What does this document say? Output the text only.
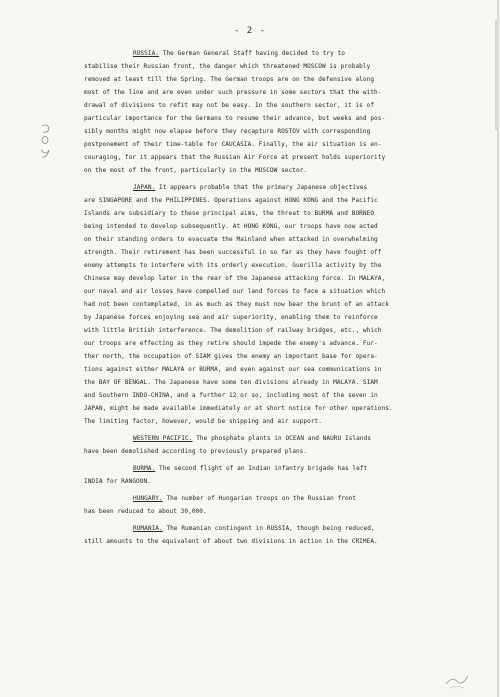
- 2 -
RUSSIA. The German General Staff having decided to try to
stabilise their Russian front, the danger which threatened MOSCOW is probably
removed at least till the Spring. The German troops are on the defensive along
most of the line and are even under such pressure in some sectors that the with-
drawal of divisions to refit may not be easy. In the southern sector, it is of
particular importance for the Germans to resume their advance, but weeks and pos-
sibly months might now elapse before they recapture ROSTOV with corresponding
postponement of their time-table for CAUCASIA. Finally, the air situation is en-
couraging, for it appears that the Russian Air Force at present holds superiority
on the most of the front, particularly in the MOSCOW sector.
JAPAN. It appears probable that the primary Japanese objectives
are SINGAPORE and the PHILIPPINES. Operations against HONG KONG and the Pacific
Islands are subsidiary to these principal aims, the threat to BURMA and BORNEO
being intended to develop subsequently. At HONG KONG, our troops have now acted
on their standing orders to evacuate the Mainland when attacked in overwhelming
strength. Their retirement has been successful in so far as they have fought off
enemy attempts to interfere with its orderly execution. Guerilla activity by the
Chinese may develop later in the rear of the Japanese attacking force. In MALAYA,
our naval and air losses have compelled our land forces to face a situation which
had not been contemplated, in as much as they must now bear the brunt of an attack
by Japanese forces enjoying sea and air superiority, enabling them to reinforce
with little British interference. The demolition of railway bridges, etc., which
our troops are effecting as they retire should impede the enemy's advance. Fur-
ther north, the occupation of SIAM gives the enemy an important base for opera-
tions against either MALAYA or BURMA, and even against our sea communications in
the BAY OF BENGAL. The Japanese have some ten divisions already in MALAYA. SIAM
and Southern INDO-CHINA, and a further 12 or so, including most of the seven in
JAPAN, might be made available immediately or at short notice for other operations.
The limiting factor, however, would be shipping and air support.
WESTERN PACIFIC. The phosphate plants in OCEAN and NAURU Islands
have been demolished according to previously prepared plans.
BURMA. The second flight of an Indian infantry brigade has left
INDIA for RANGOON.
HUNGARY. The number of Hungarian troops on the Russian front
has been reduced to about 30,000.
RUMANIA. The Rumanian contingent in RUSSIA, though being reduced,
still amounts to the equivalent of about two divisions in action in the CRIMEA.
